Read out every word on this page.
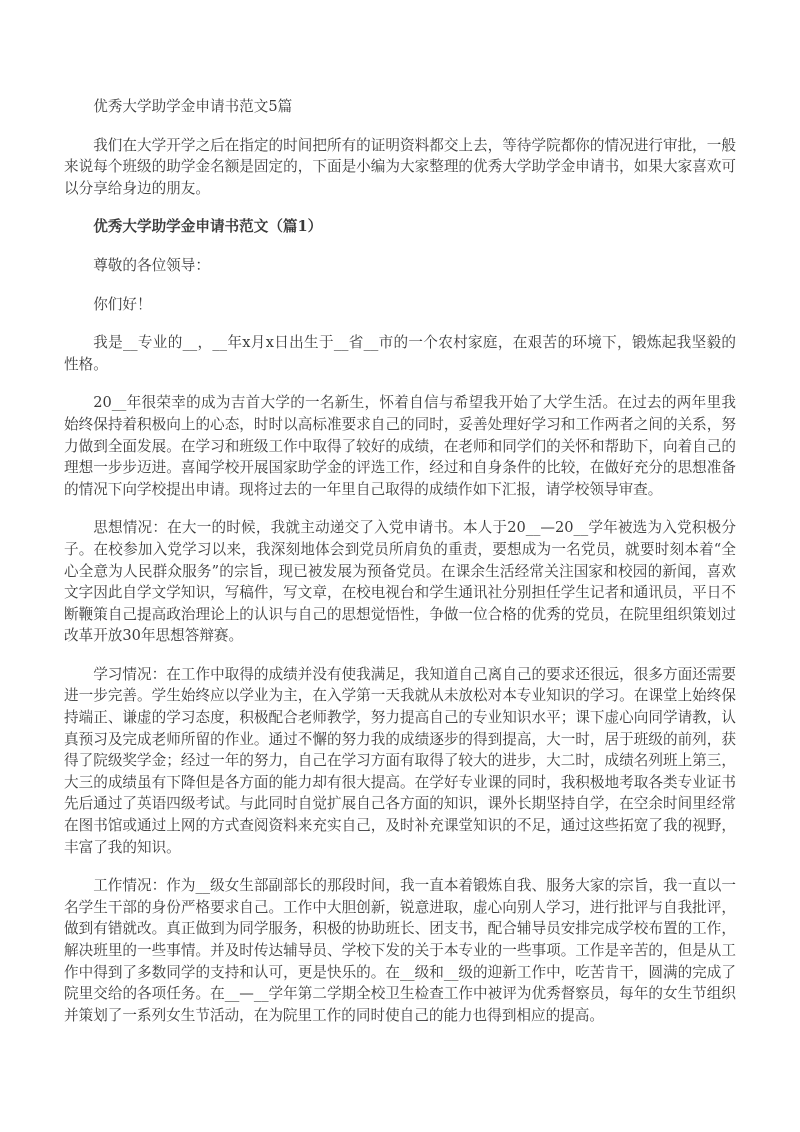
优秀大学助学金申请书范文5篇

我们在大学开学之后在指定的时间把所有的证明资料都交上去，等待学院都你的情况进行审批，一般来说每个班级的助学金名额是固定的，下面是小编为大家整理的优秀大学助学金申请书，如果大家喜欢可以分享给身边的朋友。

优秀大学助学金申请书范文（篇1）

尊敬的各位领导：

你们好！

我是__专业的__，__年x月x日出生于__省__市的一个农村家庭，在艰苦的环境下，锻炼起我坚毅的性格。

20__年很荣幸的成为吉首大学的一名新生，怀着自信与希望我开始了大学生活。在过去的两年里我始终保持着积极向上的心态，时时以高标准要求自己的同时，妥善处理好学习和工作两者之间的关系，努力做到全面发展。在学习和班级工作中取得了较好的成绩，在老师和同学们的关怀和帮助下，向着自己的理想一步步迈进。喜闻学校开展国家助学金的评选工作，经过和自身条件的比较，在做好充分的思想准备的情况下向学校提出申请。现将过去的一年里自己取得的成绩作如下汇报，请学校领导审查。

思想情况：在大一的时候，我就主动递交了入党申请书。本人于20__—20__学年被选为入党积极分子。在校参加入党学习以来，我深刻地体会到党员所肩负的重责，要想成为一名党员，就要时刻本着“全心全意为人民群众服务”的宗旨，现已被发展为预备党员。在课余生活经常关注国家和校园的新闻，喜欢文字因此自学文学知识，写稿件，写文章，在校电视台和学生通讯社分别担任学生记者和通讯员，平日不断鞭策自己提高政治理论上的认识与自己的思想觉悟性，争做一位合格的优秀的党员，在院里组织策划过改革开放30年思想答辩赛。

学习情况：在工作中取得的成绩并没有使我满足，我知道自己离自己的要求还很远，很多方面还需要进一步完善。学生始终应以学业为主，在入学第一天我就从未放松对本专业知识的学习。在课堂上始终保持端正、谦虚的学习态度，积极配合老师教学，努力提高自己的专业知识水平；课下虚心向同学请教，认真预习及完成老师所留的作业。通过不懈的努力我的成绩逐步的得到提高，大一时，居于班级的前列，获得了院级奖学金；经过一年的努力，自己在学习方面有取得了较大的进步，大二时，成绩名列班上第三，大三的成绩虽有下降但是各方面的能力却有很大提高。在学好专业课的同时，我积极地考取各类专业证书先后通过了英语四级考试。与此同时自觉扩展自己各方面的知识，课外长期坚持自学，在空余时间里经常在图书馆或通过上网的方式查阅资料来充实自己，及时补充课堂知识的不足，通过这些拓宽了我的视野，丰富了我的知识。

工作情况：作为__级女生部副部长的那段时间，我一直本着锻炼自我、服务大家的宗旨，我一直以一名学生干部的身份严格要求自己。工作中大胆创新，锐意进取，虚心向别人学习，进行批评与自我批评，做到有错就改。真正做到为同学服务，积极的协助班长、团支书，配合辅导员安排完成学校布置的工作，解决班里的一些事情。并及时传达辅导员、学校下发的关于本专业的一些事项。工作是辛苦的，但是从工作中得到了多数同学的支持和认可，更是快乐的。在__级和__级的迎新工作中，吃苦肯干，圆满的完成了院里交给的各项任务。在__—__学年第二学期全校卫生检查工作中被评为优秀督察员，每年的女生节组织并策划了一系列女生节活动，在为院里工作的同时使自己的能力也得到相应的提高。
